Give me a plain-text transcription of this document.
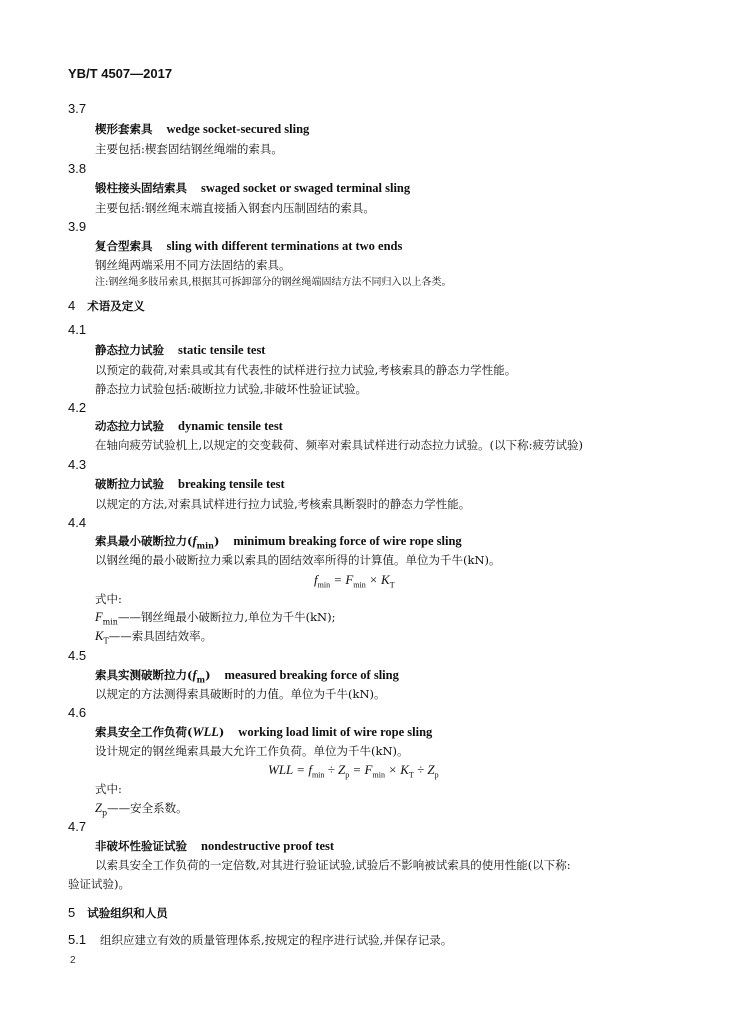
YB/T 4507—2017
3.7
楔形套索具 wedge socket-secured sling
主要包括:楔套固结钢丝绳端的索具。
3.8
锻柱接头固结索具 swaged socket or swaged terminal sling
主要包括:钢丝绳末端直接插入钢套内压制固结的索具。
3.9
复合型索具 sling with different terminations at two ends
钢丝绳两端采用不同方法固结的索具。
注:钢丝绳多肢吊索具,根据其可拆卸部分的钢丝绳端固结方法不同归入以上各类。
4 术语及定义
4.1
静态拉力试验 static tensile test
以预定的载荷,对索具或其有代表性的试样进行拉力试验,考核索具的静态力学性能。
静态拉力试验包括:破断拉力试验,非破坏性验证试验。
4.2
动态拉力试验 dynamic tensile test
在轴向疲劳试验机上,以规定的交变载荷、频率对索具试样进行动态拉力试验。(以下称:疲劳试验)
4.3
破断拉力试验 breaking tensile test
以规定的方法,对索具试样进行拉力试验,考核索具断裂时的静态力学性能。
4.4
索具最小破断拉力$(f_{min})$ minimum breaking force of wire rope sling
以钢丝绳的最小破断拉力乘以索具的固结效率所得的计算值。单位为千牛(kN)。
$f_{min} = F_{min} \times K_T$
式中:
$F_{min}——$钢丝绳最小破断拉力,单位为千牛(kN);
$K_T——$索具固结效率。
4.5
索具实测破断拉力$(f_m)$ measured breaking force of sling
以规定的方法测得索具破断时的力值。单位为千牛(kN)。
4.6
索具安全工作负荷(WLL) working load limit of wire rope sling
设计规定的钢丝绳索具最大允许工作负荷。单位为千牛(kN)。
WLL = $f_{min} \div Z_p = F_{min} \times K_T \div Z_p$
式中:
$Z_p——$安全系数。
4.7
非破坏性验证试验 nondestructive proof test
以索具安全工作负荷的一定倍数,对其进行验证试验,试验后不影响被试索具的使用性能(以下称:
验证试验)。
5 试验组织和人员
5.1 组织应建立有效的质量管理体系,按规定的程序进行试验,并保存记录。
2
